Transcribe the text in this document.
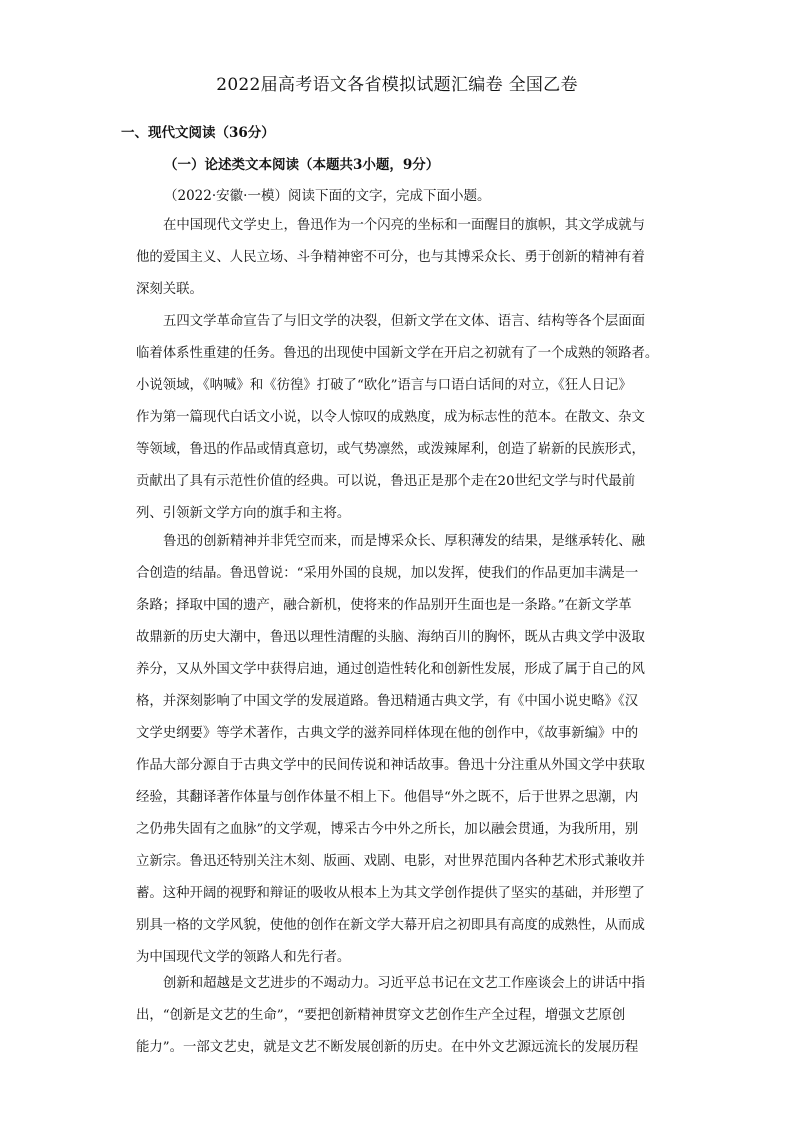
2022届高考语文各省模拟试题汇编卷 全国乙卷
一、现代文阅读（36分）
（一）论述类文本阅读（本题共3小题，9分）
（2022·安徽·一模）阅读下面的文字，完成下面小题。
在中国现代文学史上，鲁迅作为一个闪亮的坐标和一面醒目的旗帜，其文学成就与
他的爱国主义、人民立场、斗争精神密不可分，也与其博采众长、勇于创新的精神有着
深刻关联。
五四文学革命宣告了与旧文学的决裂，但新文学在文体、语言、结构等各个层面面
临着体系性重建的任务。鲁迅的出现使中国新文学在开启之初就有了一个成熟的领路者。
小说领域，《呐喊》和《彷徨》打破了“欧化”语言与口语白话间的对立，《狂人日记》
作为第一篇现代白话文小说，以令人惊叹的成熟度，成为标志性的范本。在散文、杂文
等领域，鲁迅的作品或情真意切，或气势凛然，或泼辣犀利，创造了崭新的民族形式，
贡献出了具有示范性价值的经典。可以说，鲁迅正是那个走在20世纪文学与时代最前
列、引领新文学方向的旗手和主将。
鲁迅的创新精神并非凭空而来，而是博采众长、厚积薄发的结果，是继承转化、融
合创造的结晶。鲁迅曾说：“采用外国的良规，加以发挥，使我们的作品更加丰满是一
条路；择取中国的遗产，融合新机，使将来的作品别开生面也是一条路。”在新文学革
故鼎新的历史大潮中，鲁迅以理性清醒的头脑、海纳百川的胸怀，既从古典文学中汲取
养分，又从外国文学中获得启迪，通过创造性转化和创新性发展，形成了属于自己的风
格，并深刻影响了中国文学的发展道路。鲁迅精通古典文学，有《中国小说史略》《汉
文学史纲要》等学术著作，古典文学的滋养同样体现在他的创作中，《故事新编》中的
作品大部分源自于古典文学中的民间传说和神话故事。鲁迅十分注重从外国文学中获取
经验，其翻译著作体量与创作体量不相上下。他倡导“外之既不，后于世界之思潮，内
之仍弗失固有之血脉”的文学观，博采古今中外之所长，加以融会贯通，为我所用，别
立新宗。鲁迅还特别关注木刻、版画、戏剧、电影，对世界范围内各种艺术形式兼收并
蓄。这种开阔的视野和辩证的吸收从根本上为其文学创作提供了坚实的基础，并形塑了
别具一格的文学风貌，使他的创作在新文学大幕开启之初即具有高度的成熟性，从而成
为中国现代文学的领路人和先行者。
创新和超越是文艺进步的不竭动力。习近平总书记在文艺工作座谈会上的讲话中指
出，“创新是文艺的生命”，“要把创新精神贯穿文艺创作生产全过程，增强文艺原创
能力”。一部文艺史，就是文艺不断发展创新的历史。在中外文艺源远流长的发展历程
